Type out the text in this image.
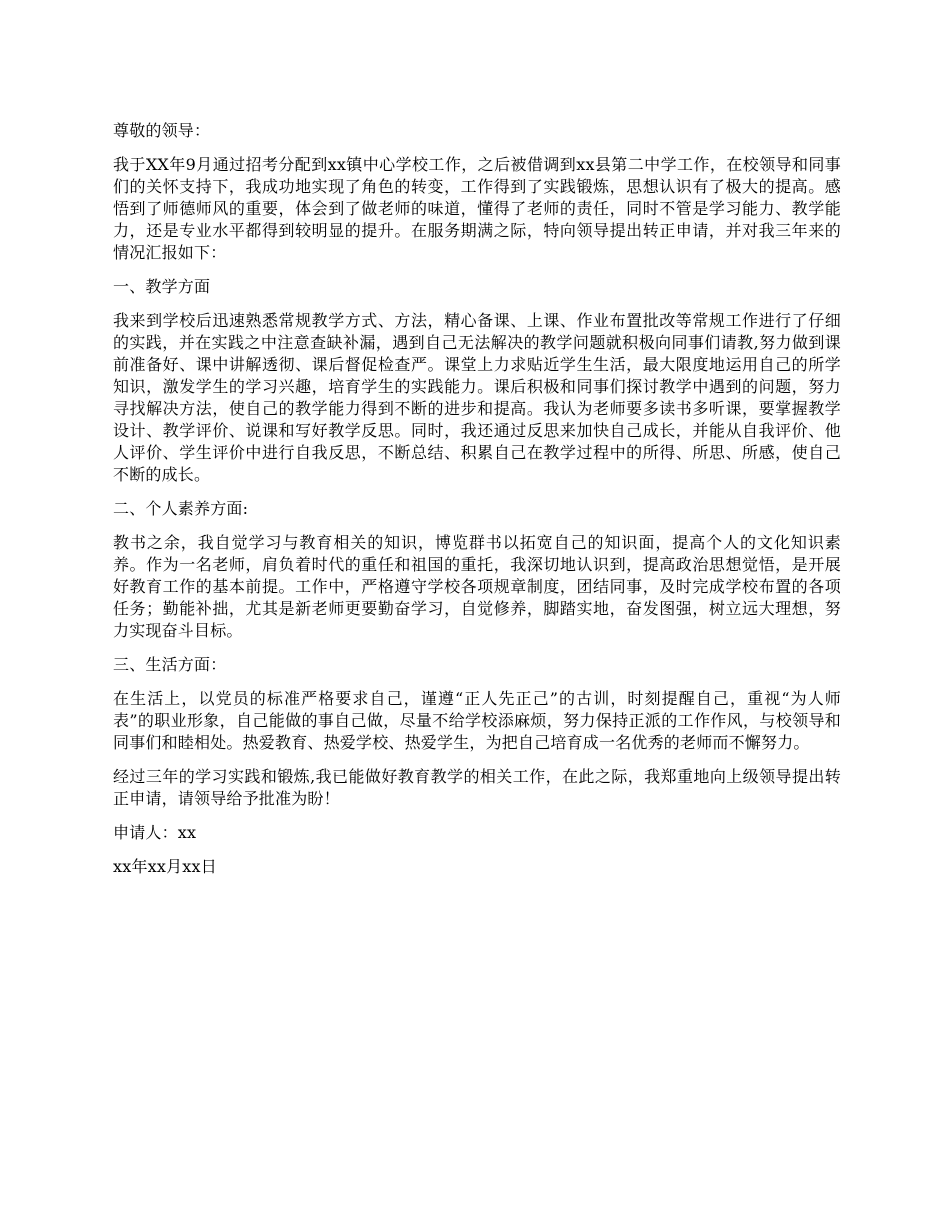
尊敬的领导：

我于XX年9月通过招考分配到xx镇中心学校工作，之后被借调到xx县第二中学工作，在校领导和同事们的关怀支持下，我成功地实现了角色的转变，工作得到了实践锻炼，思想认识有了极大的提高。感悟到了师德师风的重要，体会到了做老师的味道，懂得了老师的责任，同时不管是学习能力、教学能力，还是专业水平都得到较明显的提升。在服务期满之际，特向领导提出转正申请，并对我三年来的情况汇报如下：

一、教学方面

我来到学校后迅速熟悉常规教学方式、方法，精心备课、上课、作业布置批改等常规工作进行了仔细的实践，并在实践之中注意查缺补漏，遇到自己无法解决的教学问题就积极向同事们请教,努力做到课前准备好、课中讲解透彻、课后督促检查严。课堂上力求贴近学生生活，最大限度地运用自己的所学知识，激发学生的学习兴趣，培育学生的实践能力。课后积极和同事们探讨教学中遇到的问题，努力寻找解决方法，使自己的教学能力得到不断的进步和提高。我认为老师要多读书多听课，要掌握教学设计、教学评价、说课和写好教学反思。同时，我还通过反思来加快自己成长，并能从自我评价、他人评价、学生评价中进行自我反思，不断总结、积累自己在教学过程中的所得、所思、所感，使自己不断的成长。

二、个人素养方面:

教书之余，我自觉学习与教育相关的知识，博览群书以拓宽自己的知识面，提高个人的文化知识素养。作为一名老师，肩负着时代的重任和祖国的重托，我深切地认识到，提高政治思想觉悟，是开展好教育工作的基本前提。工作中，严格遵守学校各项规章制度，团结同事，及时完成学校布置的各项任务；勤能补拙，尤其是新老师更要勤奋学习，自觉修养，脚踏实地，奋发图强，树立远大理想，努力实现奋斗目标。

三、生活方面：

在生活上，以党员的标准严格要求自己，谨遵“正人先正己”的古训，时刻提醒自己，重视“为人师表”的职业形象，自己能做的事自己做，尽量不给学校添麻烦，努力保持正派的工作作风，与校领导和同事们和睦相处。热爱教育、热爱学校、热爱学生，为把自己培育成一名优秀的老师而不懈努力。

经过三年的学习实践和锻炼,我已能做好教育教学的相关工作，在此之际，我郑重地向上级领导提出转正申请，请领导给予批准为盼！

申请人：xx

xx年xx月xx日
